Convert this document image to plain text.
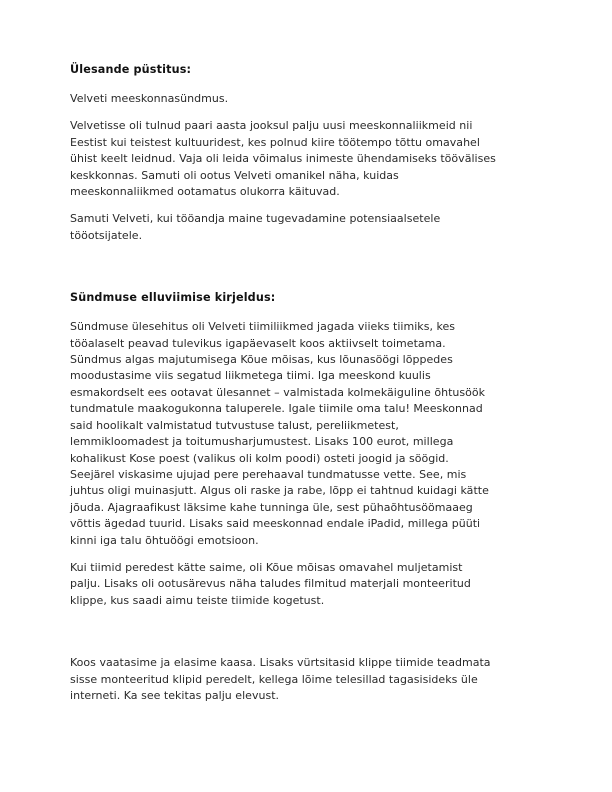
Ülesande püstitus:

Velveti meeskonnasündmus.

Velvetisse oli tulnud paari aasta jooksul palju uusi meeskonnaliikmeid nii
Eestist kui teistest kultuuridest, kes polnud kiire töötempo tõttu omavahel
ühist keelt leidnud. Vaja oli leida võimalus inimeste ühendamiseks töövälises
keskkonnas. Samuti oli ootus Velveti omanikel näha, kuidas
meeskonnaliikmed ootamatus olukorra käituvad.

Samuti Velveti, kui tööandja maine tugevadamine potensiaalsetele
tööotsijatele.

Sündmuse elluviimise kirjeldus:

Sündmuse ülesehitus oli Velveti tiimiliikmed jagada viieks tiimiks, kes
tööalaselt peavad tulevikus igapäevaselt koos aktiivselt toimetama.
Sündmus algas majutumisega Kõue mõisas, kus lõunasöögi lõppedes
moodustasime viis segatud liikmetega tiimi. Iga meeskond kuulis
esmakordselt ees ootavat ülesannet – valmistada kolmekäiguline õhtusöök
tundmatule maakogukonna taluperele. Igale tiimile oma talu! Meeskonnad
said hoolikalt valmistatud tutvustuse talust, pereliikmetest,
lemmikloomadest ja toitumusharjumustest. Lisaks 100 eurot, millega
kohalikust Kose poest (valikus oli kolm poodi) osteti joogid ja söögid.
Seejärel viskasime ujujad pere perehaaval tundmatusse vette. See, mis
juhtus oligi muinasjutt. Algus oli raske ja rabe, lõpp ei tahtnud kuidagi kätte
jõuda. Ajagraafikust läksime kahe tunninga üle, sest pühaõhtusöömaaeg
võttis ägedad tuurid. Lisaks said meeskonnad endale iPadid, millega püüti
kinni iga talu õhtuöögi emotsioon.

Kui tiimid peredest kätte saime, oli Kõue mõisas omavahel muljetamist
palju. Lisaks oli ootusärevus näha taludes filmitud materjali monteeritud
klippe, kus saadi aimu teiste tiimide kogetust.

Koos vaatasime ja elasime kaasa. Lisaks vürtsitasid klippe tiimide teadmata
sisse monteeritud klipid peredelt, kellega lõime telesillad tagasisideks üle
interneti. Ka see tekitas palju elevust.
